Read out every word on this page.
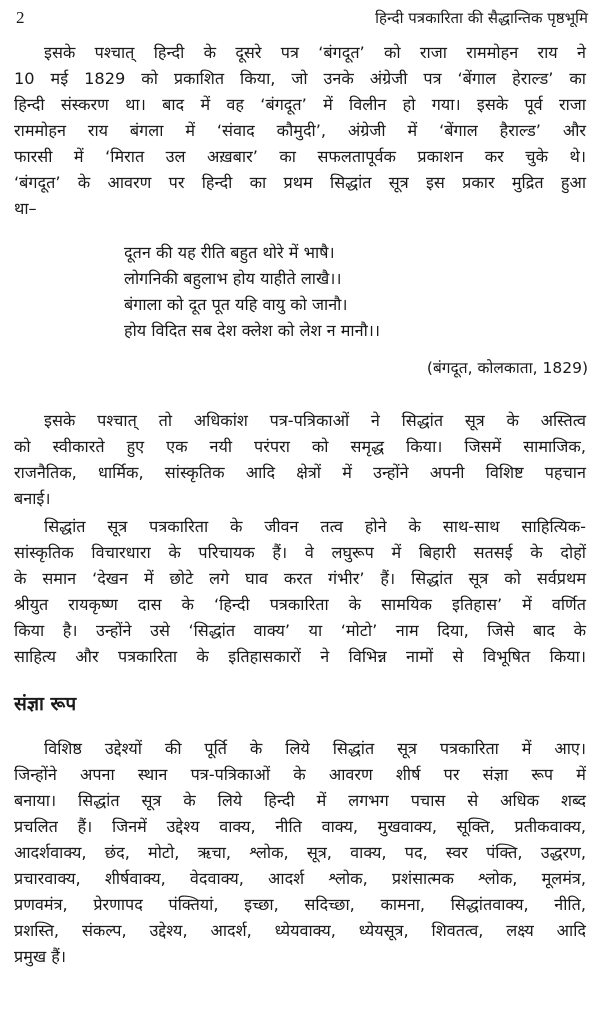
2	हिन्दी पत्रकारिता की सैद्धान्तिक पृष्ठभूमि
इसके पश्चात् हिन्दी के दूसरे पत्र ‘बंगदूत’ को राजा राममोहन राय ने
10 मई 1829 को प्रकाशित किया, जो उनके अंग्रेजी पत्र ‘बेंगाल हेराल्ड’ का
हिन्दी संस्करण था। बाद में वह ‘बंगदूत’ में विलीन हो गया। इसके पूर्व राजा
राममोहन राय बंगला में ‘संवाद कौमुदी’, अंग्रेजी में ‘बेंगाल हैराल्ड’ और
फारसी में ‘मिरात उल अख़बार’ का सफलतापूर्वक प्रकाशन कर चुके थे।
‘बंगदूत’ के आवरण पर हिन्दी का प्रथम सिद्धांत सूत्र इस प्रकार मुद्रित हुआ
था–
दूतन की यह रीति बहुत थोरे में भाषै।
लोगनिकी बहुलाभ होय याहीते लाखै।।
बंगाला को दूत पूत यहि वायु को जानौ।
होय विदित सब देश क्लेश को लेश न मानौ।।
(बंगदूत, कोलकाता, 1829)
इसके पश्चात् तो अधिकांश पत्र-पत्रिकाओं ने सिद्धांत सूत्र के अस्तित्व
को स्वीकारते हुए एक नयी परंपरा को समृद्ध किया। जिसमें सामाजिक,
राजनैतिक, धार्मिक, सांस्कृतिक आदि क्षेत्रों में उन्होंने अपनी विशिष्ट पहचान
बनाई।
सिद्धांत सूत्र पत्रकारिता के जीवन तत्व होने के साथ-साथ साहित्यिक-
सांस्कृतिक विचारधारा के परिचायक हैं। वे लघुरूप में बिहारी सतसई के दोहों
के समान ‘देखन में छोटे लगे घाव करत गंभीर’ हैं। सिद्धांत सूत्र को सर्वप्रथम
श्रीयुत रायकृष्ण दास के ‘हिन्दी पत्रकारिता के सामयिक इतिहास’ में वर्णित
किया है। उन्होंने उसे ‘सिद्धांत वाक्य’ या ‘मोटो’ नाम दिया, जिसे बाद के
साहित्य और पत्रकारिता के इतिहासकारों ने विभिन्न नामों से विभूषित किया।
संज्ञा रूप
विशिष्ठ उद्देश्यों की पूर्ति के लिये सिद्धांत सूत्र पत्रकारिता में आए।
जिन्होंने अपना स्थान पत्र-पत्रिकाओं के आवरण शीर्ष पर संज्ञा रूप में
बनाया। सिद्धांत सूत्र के लिये हिन्दी में लगभग पचास से अधिक शब्द
प्रचलित हैं। जिनमें उद्देश्य वाक्य, नीति वाक्य, मुखवाक्य, सूक्ति, प्रतीकवाक्य,
आदर्शवाक्य, छंद, मोटो, ऋचा, श्लोक, सूत्र, वाक्य, पद, स्वर पंक्ति, उद्धरण,
प्रचारवाक्य, शीर्षवाक्य, वेदवाक्य, आदर्श श्लोक, प्रशंसात्मक श्लोक, मूलमंत्र,
प्रणवमंत्र, प्रेरणापद पंक्तियां, इच्छा, सदिच्छा, कामना, सिद्धांतवाक्य, नीति,
प्रशस्ति, संकल्प, उद्देश्य, आदर्श, ध्येयवाक्य, ध्येयसूत्र, शिवतत्व, लक्ष्य आदि
प्रमुख हैं।
